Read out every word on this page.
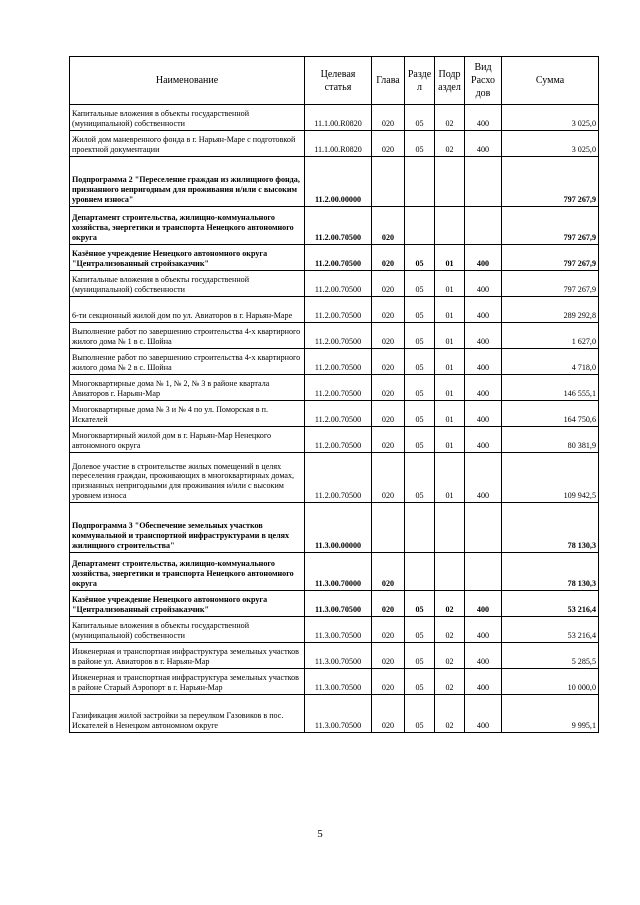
Наименование	Целевая статья	Глава	Разде л	Подр аздел	Вид Расхо дов	Сумма
Капитальные вложения в объекты государственной (муниципальной) собственности	11.1.00.R0820	020	05	02	400	3 025,0
Жилой дом маневренного фонда в г. Нарьян-Маре с подготовкой проектной документации	11.1.00.R0820	020	05	02	400	3 025,0
Подпрограмма 2 "Переселение граждан из жилищного фонда, признанного непригодным для проживания и/или с высоким уровнем износа"	11.2.00.00000					797 267,9
Департамент строительства, жилищно-коммунального хозяйства, энергетики и транспорта Ненецкого автономного округа	11.2.00.70500	020				797 267,9
Казённое учреждение Ненецкого автономного округа "Централизованный стройзаказчик"	11.2.00.70500	020	05	01	400	797 267,9
Капитальные вложения в объекты государственной (муниципальной) собственности	11.2.00.70500	020	05	01	400	797 267,9
6-ти секционный жилой дом по ул. Авиаторов в г. Нарьян-Маре	11.2.00.70500	020	05	01	400	289 292,8
Выполнение работ по завершению строительства 4-х квартирного жилого дома № 1 в с. Шойна	11.2.00.70500	020	05	01	400	1 627,0
Выполнение работ по завершению строительства 4-х квартирного жилого дома № 2 в с. Шойна	11.2.00.70500	020	05	01	400	4 718,0
Многоквартирные дома № 1, № 2, № 3 в районе квартала Авиаторов г. Нарьян-Мар	11.2.00.70500	020	05	01	400	146 555,1
Многоквартирные дома № 3 и № 4 по ул. Поморская в п. Искателей	11.2.00.70500	020	05	01	400	164 750,6
Многоквартирный жилой дом в г. Нарьян-Мар Ненецкого автономного округа	11.2.00.70500	020	05	01	400	80 381,9
Долевое участие в строительстве жилых помещений в целях переселения граждан, проживающих в многоквартирных домах, признанных непригодными для проживания и/или с высоким уровнем износа	11.2.00.70500	020	05	01	400	109 942,5
Подпрограмма 3 "Обеспечение земельных участков коммунальной и транспортной инфраструктурами в целях жилищного строительства"	11.3.00.00000					78 130,3
Департамент строительства, жилищно-коммунального хозяйства, энергетики и транспорта Ненецкого автономного округа	11.3.00.70000	020				78 130,3
Казённое учреждение Ненецкого автономного округа "Централизованный стройзаказчик"	11.3.00.70500	020	05	02	400	53 216,4
Капитальные вложения в объекты государственной (муниципальной) собственности	11.3.00.70500	020	05	02	400	53 216,4
Инженерная и транспортная инфраструктура земельных участков в районе ул. Авиаторов в г. Нарьян-Мар	11.3.00.70500	020	05	02	400	5 285,5
Инженерная и транспортная инфраструктура земельных участков в районе Старый Аэропорт в г. Нарьян-Мар	11.3.00.70500	020	05	02	400	10 000,0
Газификация жилой застройки за переулком Газовиков в пос. Искателей в Ненецком автономном округе	11.3.00.70500	020	05	02	400	9 995,1
5
